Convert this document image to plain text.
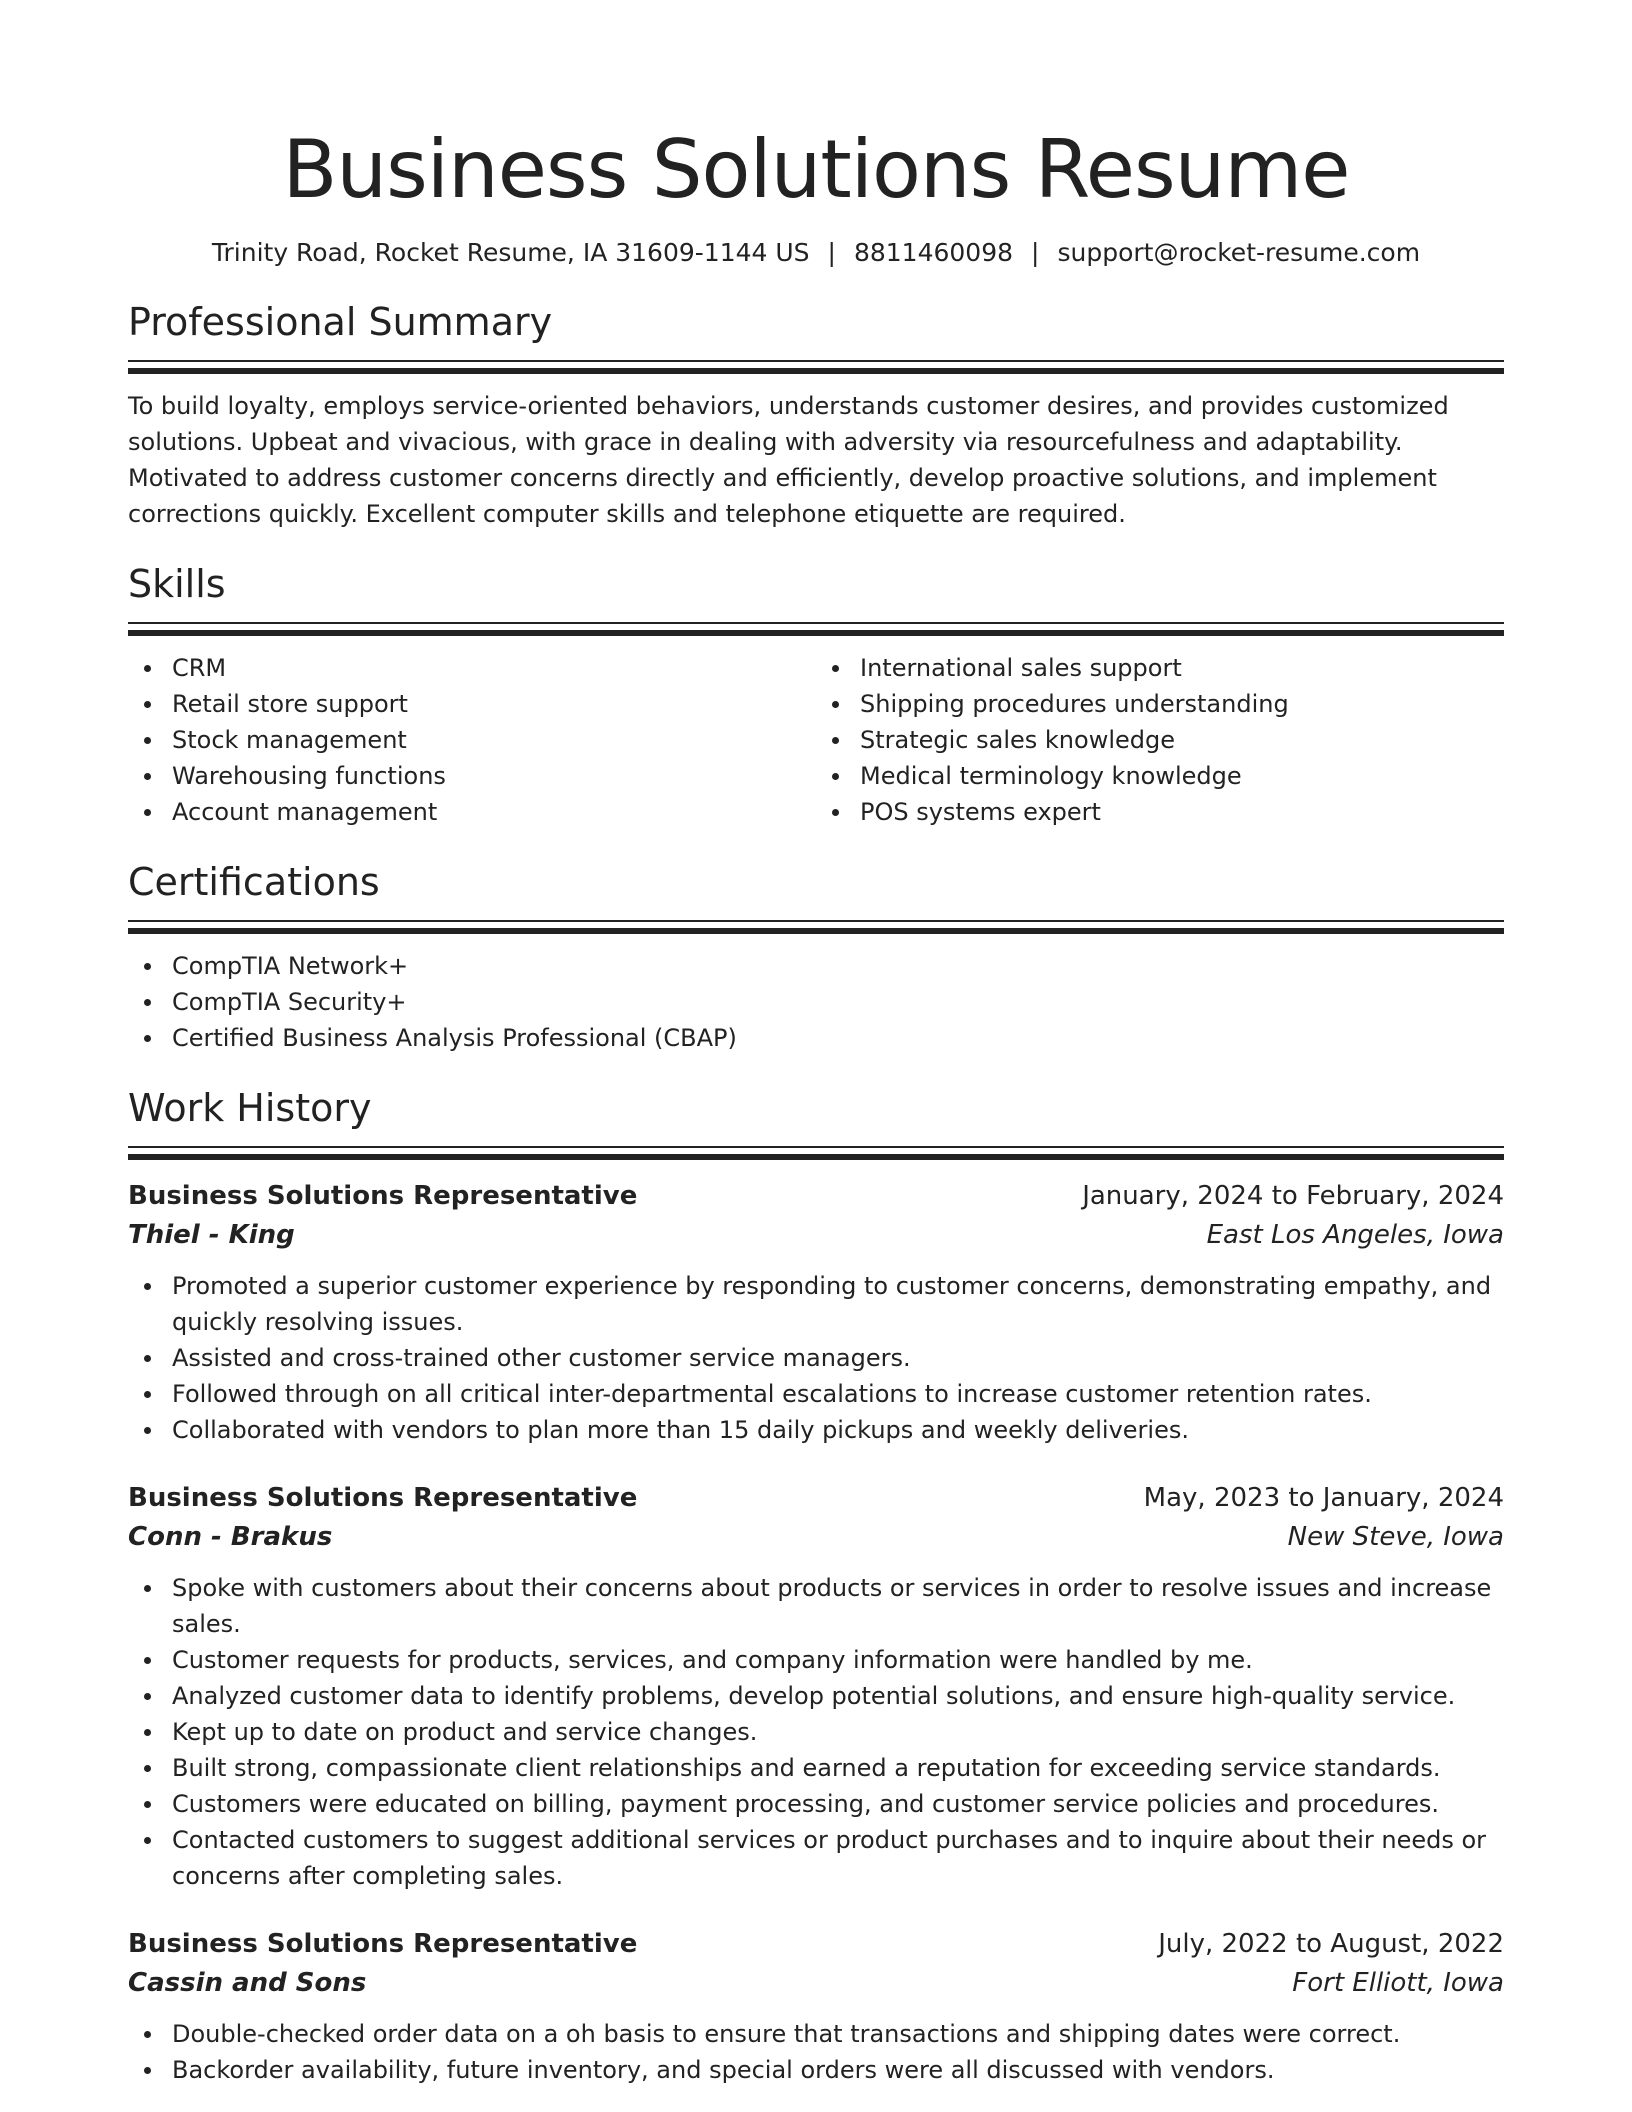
Business Solutions Resume
Trinity Road, Rocket Resume, IA 31609-1144 US | 8811460098 | support@rocket-resume.com
Professional Summary
To build loyalty, employs service-oriented behaviors, understands customer desires, and provides customized solutions. Upbeat and vivacious, with grace in dealing with adversity via resourcefulness and adaptability. Motivated to address customer concerns directly and efficiently, develop proactive solutions, and implement corrections quickly. Excellent computer skills and telephone etiquette are required.
Skills
CRM
Retail store support
Stock management
Warehousing functions
Account management
International sales support
Shipping procedures understanding
Strategic sales knowledge
Medical terminology knowledge
POS systems expert
Certifications
CompTIA Network+
CompTIA Security+
Certified Business Analysis Professional (CBAP)
Work History
Business Solutions Representative	January, 2024 to February, 2024
Thiel - King	East Los Angeles, Iowa
Promoted a superior customer experience by responding to customer concerns, demonstrating empathy, and quickly resolving issues.
Assisted and cross-trained other customer service managers.
Followed through on all critical inter-departmental escalations to increase customer retention rates.
Collaborated with vendors to plan more than 15 daily pickups and weekly deliveries.
Business Solutions Representative	May, 2023 to January, 2024
Conn - Brakus	New Steve, Iowa
Spoke with customers about their concerns about products or services in order to resolve issues and increase sales.
Customer requests for products, services, and company information were handled by me.
Analyzed customer data to identify problems, develop potential solutions, and ensure high-quality service.
Kept up to date on product and service changes.
Built strong, compassionate client relationships and earned a reputation for exceeding service standards.
Customers were educated on billing, payment processing, and customer service policies and procedures.
Contacted customers to suggest additional services or product purchases and to inquire about their needs or concerns after completing sales.
Business Solutions Representative	July, 2022 to August, 2022
Cassin and Sons	Fort Elliott, Iowa
Double-checked order data on a oh basis to ensure that transactions and shipping dates were correct.
Backorder availability, future inventory, and special orders were all discussed with vendors.
